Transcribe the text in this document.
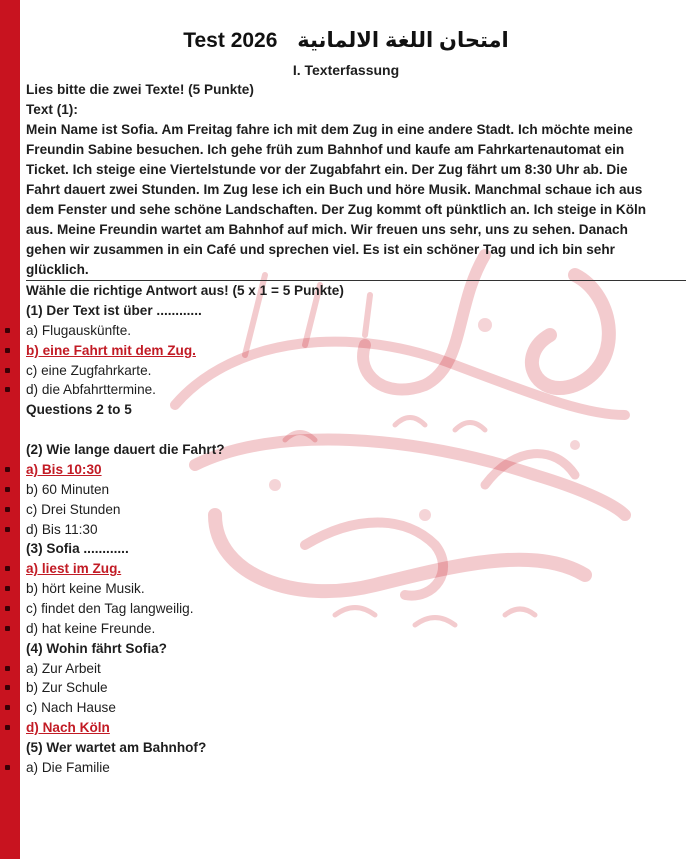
Test 2026 امتحان اللغة الالمانية
I. Texterfassung
Lies bitte die zwei Texte! (5 Punkte)
Text (1):
Mein Name ist Sofia. Am Freitag fahre ich mit dem Zug in eine andere Stadt. Ich möchte meine
Freundin Sabine besuchen. Ich gehe früh zum Bahnhof und kaufe am Fahrkartenautomat ein
Ticket. Ich steige eine Viertelstunde vor der Zugabfahrt ein. Der Zug fährt um 8:30 Uhr ab. Die
Fahrt dauert zwei Stunden. Im Zug lese ich ein Buch und höre Musik. Manchmal schaue ich aus
dem Fenster und sehe schöne Landschaften. Der Zug kommt oft pünktlich an. Ich steige in Köln
aus. Meine Freundin wartet am Bahnhof auf mich. Wir freuen uns sehr, uns zu sehen. Danach
gehen wir zusammen in ein Café und sprechen viel. Es ist ein schöner Tag und ich bin sehr
glücklich.
Wähle die richtige Antwort aus! (5 x 1 = 5 Punkte)
(1) Der Text ist über ............
a) Flugauskünfte.
b) eine Fahrt mit dem Zug.
c) eine Zugfahrkarte.
d) die Abfahrttermine.
Questions 2 to 5
(2) Wie lange dauert die Fahrt?
a) Bis 10:30
b) 60 Minuten
c) Drei Stunden
d) Bis 11:30
(3) Sofia ............
a) liest im Zug.
b) hört keine Musik.
c) findet den Tag langweilig.
d) hat keine Freunde.
(4) Wohin fährt Sofia?
a) Zur Arbeit
b) Zur Schule
c) Nach Hause
d) Nach Köln
(5) Wer wartet am Bahnhof?
a) Die Familie
